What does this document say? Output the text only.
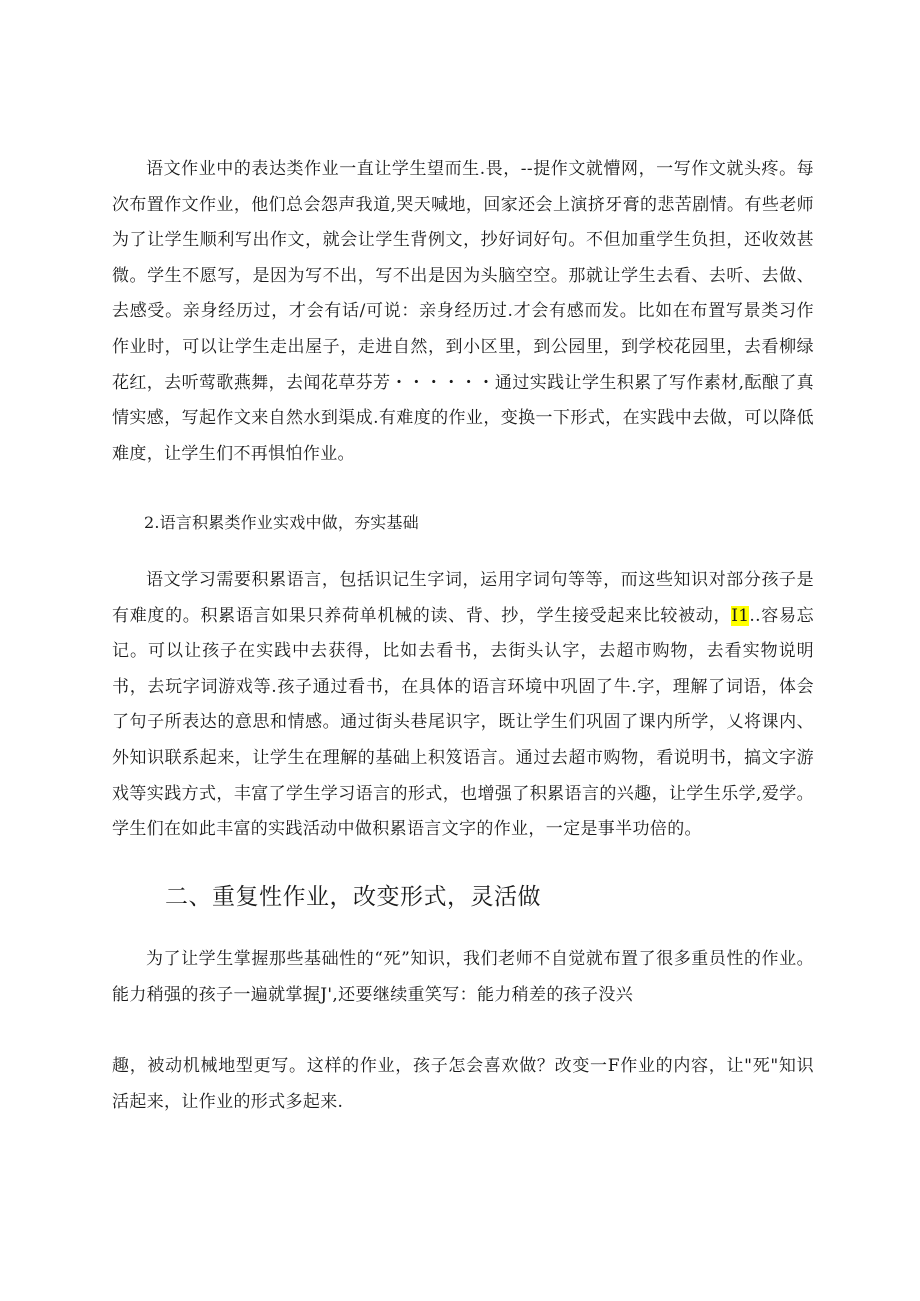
语文作业中的表达类作业一直让学生望而生.畏，--提作文就懵网，一写作文就头疼。每次布置作文作业，他们总会怨声我道,哭天喊地，回家还会上演挤牙膏的悲苦剧情。有些老师为了让学生顺利写出作文，就会让学生背例文，抄好词好句。不但加重学生负担，还收效甚微。学生不愿写，是因为写不出，写不出是因为头脑空空。那就让学生去看、去听、去做、去感受。亲身经历过，才会有话/可说：亲身经历过.才会有感而发。比如在布置写景类习作作业时，可以让学生走出屋子，走进自然，到小区里，到公园里，到学校花园里，去看柳绿花红，去听莺歌燕舞，去闻花草芬芳・・・・・・通过实践让学生积累了写作素材,酝酿了真情实感，写起作文来自然水到渠成.有难度的作业，变换一下形式，在实践中去做，可以降低难度，让学生们不再惧怕作业。

2.语言积累类作业实戏中做，夯实基础

语文学习需要积累语言，包括识记生字词，运用字词句等等，而这些知识对部分孩子是有难度的。积累语言如果只养荷单机械的读、背、抄，学生接受起来比较被动，I1..容易忘记。可以让孩子在实践中去获得，比如去看书，去街头认字，去超市购物，去看实物说明书，去玩字词游戏等.孩子通过看书，在具体的语言环境中巩固了牛.字，理解了词语，体会了句子所表达的意思和情感。通过街头巷尾识字，既让学生们巩固了课内所学，乂将课内、外知识联系起来，让学生在理解的基础上积笈语言。通过去超市购物，看说明书，搞文字游戏等实践方式，丰富了学生学习语言的形式，也增强了积累语言的兴趣，让学生乐学,爱学。学生们在如此丰富的实践活动中做积累语言文字的作业，一定是事半功倍的。

二、重复性作业，改变形式，灵活做

为了让学生掌握那些基础性的“死”知识，我们老师不自觉就布置了很多重员性的作业。能力稍强的孩子一遍就掌握J',还要继续重笑写：能力稍差的孩子没兴

趣，被动机械地型更写。这样的作业，孩子怎会喜欢做？改变一F作业的内容，让"死"知识活起来，让作业的形式多起来.
